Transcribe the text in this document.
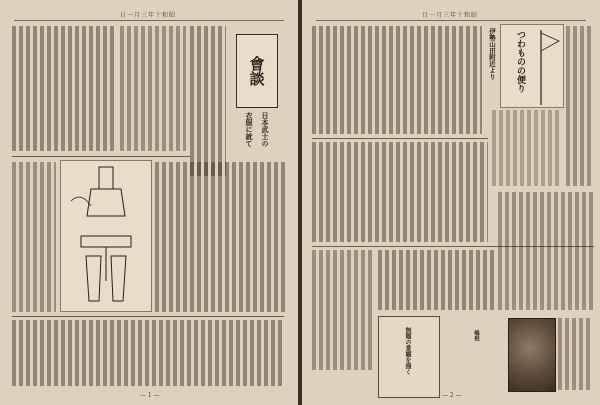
日一月三年十和昭
會談
日本武士の
衣服に就て
— 1 —
日一月三年十和昭
つわものの便り
伊勢山田附近より
無題の景観を描く	嶋根
— 2 —
